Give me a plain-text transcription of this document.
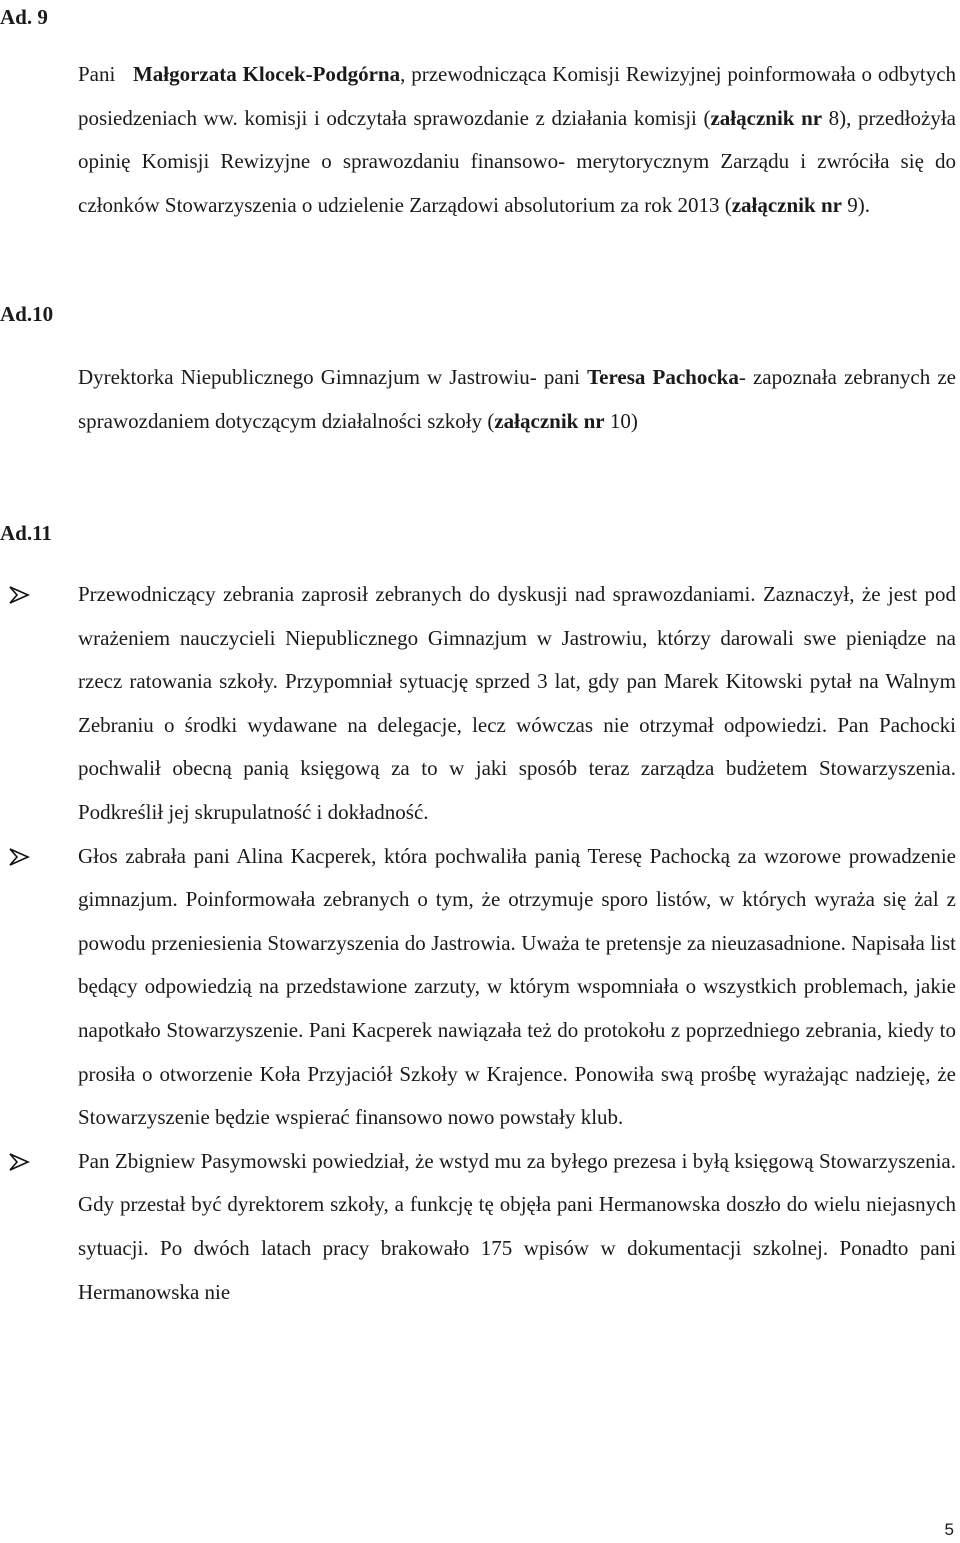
Ad. 9
Pani Małgorzata Klocek-Podgórna, przewodnicząca Komisji Rewizyjnej poinformowała o odbytych posiedzeniach ww. komisji i odczytała sprawozdanie z działania komisji (załącznik nr 8), przedłożyła opinię Komisji Rewizyjne o sprawozdaniu finansowo- merytorycznym Zarządu i zwróciła się do członków Stowarzyszenia o udzielenie Zarządowi absolutorium za rok 2013 (załącznik nr 9).
Ad.10
Dyrektorka Niepublicznego Gimnazjum w Jastrowiu- pani Teresa Pachocka- zapoznała zebranych ze sprawozdaniem dotyczącym działalności szkoły (załącznik nr 10)
Ad.11
Przewodniczący zebrania zaprosił zebranych do dyskusji nad sprawozdaniami. Zaznaczył, że jest pod wrażeniem nauczycieli Niepublicznego Gimnazjum w Jastrowiu, którzy darowali swe pieniądze na rzecz ratowania szkoły. Przypomniał sytuację sprzed 3 lat, gdy pan Marek Kitowski pytał na Walnym Zebraniu o środki wydawane na delegacje, lecz wówczas nie otrzymał odpowiedzi. Pan Pachocki pochwalił obecną panią księgową za to w jaki sposób teraz zarządza budżetem Stowarzyszenia. Podkreślił jej skrupulatność i dokładność.
Głos zabrała pani Alina Kacperek, która pochwaliła panią Teresę Pachocką za wzorowe prowadzenie gimnazjum. Poinformowała zebranych o tym, że otrzymuje sporo listów, w których wyraża się żal z powodu przeniesienia Stowarzyszenia do Jastrowia. Uważa te pretensje za nieuzasadnione. Napisała list będący odpowiedzią na przedstawione zarzuty, w którym wspomniała o wszystkich problemach, jakie napotkało Stowarzyszenie. Pani Kacperek nawiązała też do protokołu z poprzedniego zebrania, kiedy to prosiła o otworzenie Koła Przyjaciół Szkoły w Krajence. Ponowiła swą prośbę wyrażając nadzieję, że Stowarzyszenie będzie wspierać finansowo nowo powstały klub.
Pan Zbigniew Pasymowski powiedział, że wstyd mu za byłego prezesa i byłą księgową Stowarzyszenia. Gdy przestał być dyrektorem szkoły, a funkcję tę objęła pani Hermanowska doszło do wielu niejasnych sytuacji. Po dwóch latach pracy brakowało 175 wpisów w dokumentacji szkolnej. Ponadto pani Hermanowska nie
5
